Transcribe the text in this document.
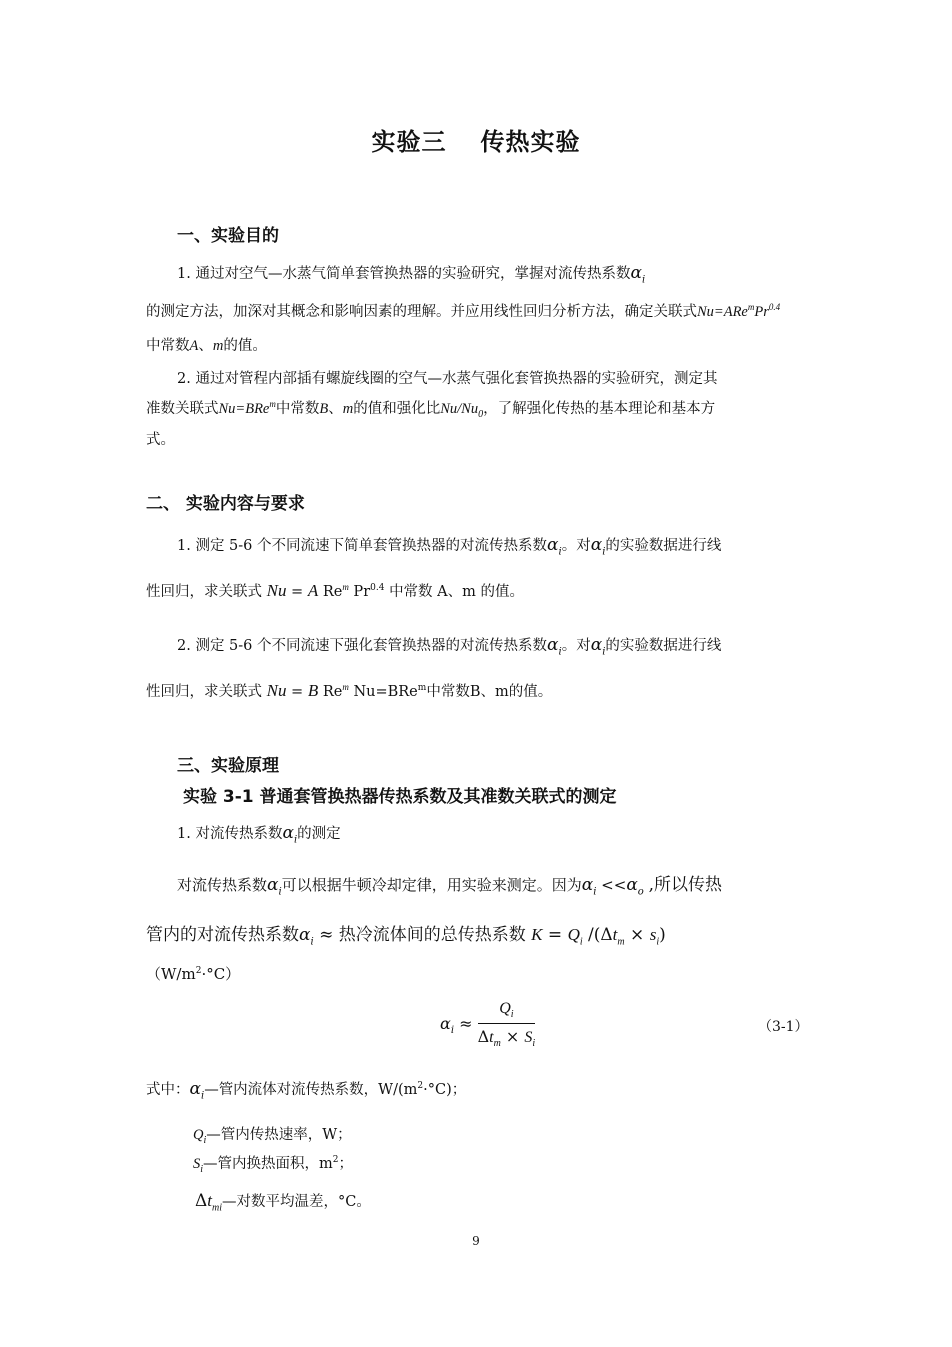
实验三 传热实验
一、实验目的
1. 通过对空气—水蒸气简单套管换热器的实验研究，掌握对流传热系数$\alpha_i$
的测定方法，加深对其概念和影响因素的理解。并应用线性回归分析方法，确定关联式$Nu=ARe^mPr^{0.4}$
中常数A、m的值。
2. 通过对管程内部插有螺旋线圈的空气—水蒸气强化套管换热器的实验研究，测定其
准数关联式Nu=BRe$^m$中常数B、m的值和强化比$Nu/Nu_0$，了解强化传热的基本理论和基本方
式。
二、 实验内容与要求
1. 测定 5-6 个不同流速下简单套管换热器的对流传热系数$\alpha_i$。对$\alpha_i$的实验数据进行线
性回归，求关联式 Nu = A Re$^m$ $Pr^{0.4}$ 中常数 A、m 的值。
2. 测定 5-6 个不同流速下强化套管换热器的对流传热系数$\alpha_i$。对$\alpha_i$的实验数据进行线
性回归，求关联式 Nu = B Re$^m$ Nu=BRe$^m$中常数B、m的值。
三、实验原理
实验 3-1 普通套管换热器传热系数及其准数关联式的测定
1. 对流传热系数$\alpha_i$的测定
对流传热系数$\alpha_i$可以根据牛顿冷却定律，用实验来测定。因为$\alpha_i <<\alpha_o$ ,所以传热
管内的对流传热系数$\alpha_i$ ≈ 热冷流体间的总传热系数 $K = Q_i$ $/(\Delta t_m \times s_i)$
$(W/m^2\cdot^\circ C)$
$\alpha_i \approx \frac{Q_i}{\Delta t_m \times S_i}$	（3-1）
式中：$\alpha_i—$管内流体对流传热系数，$W/(m^2\cdot^\circ C)$；
$Q_i—$管内传热速率，W；
$S_i—$管内换热面积，$m^2$；
$\Delta t_{mi}—$对数平均温差，°C。
9
